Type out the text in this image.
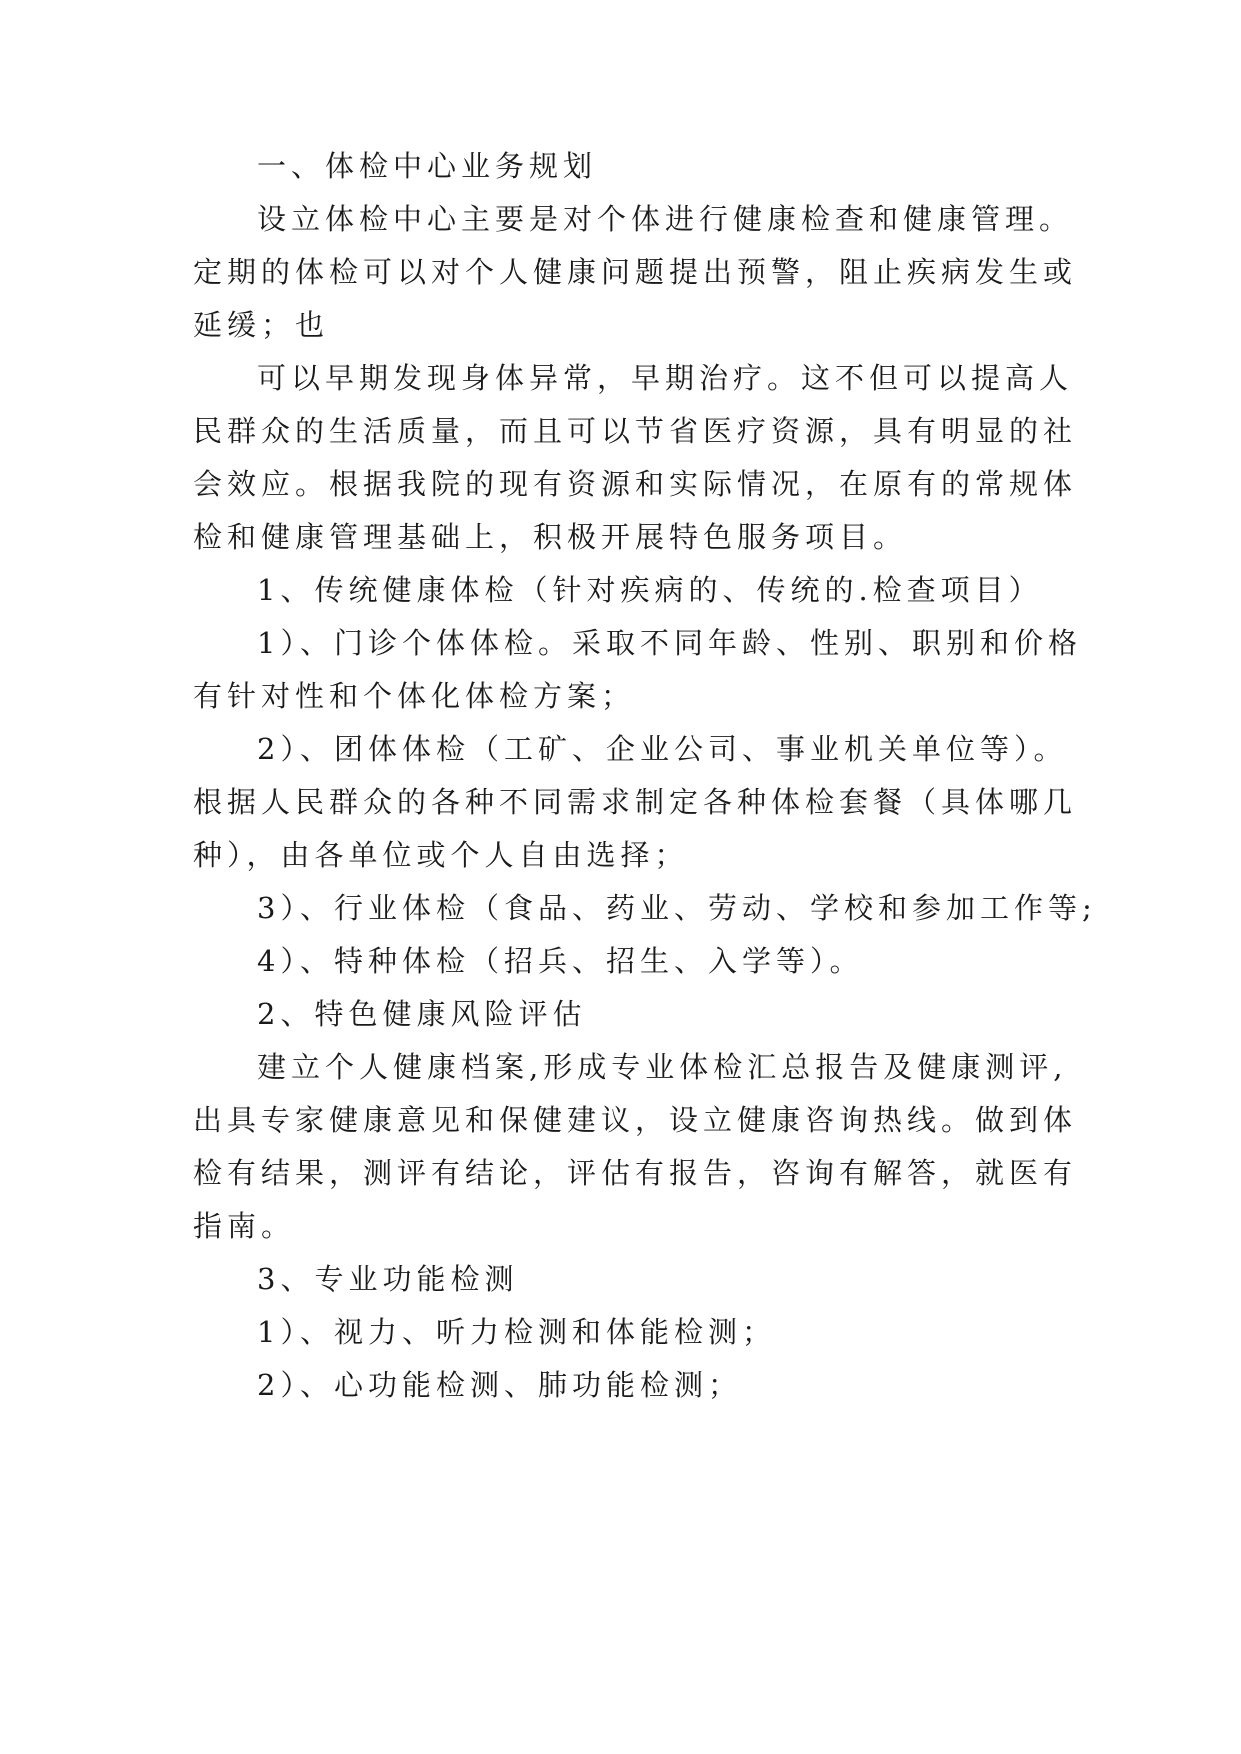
一、体检中心业务规划
设立体检中心主要是对个体进行健康检查和健康管理。
定期的体检可以对个人健康问题提出预警，阻止疾病发生或
延缓；也
可以早期发现身体异常，早期治疗。这不但可以提高人
民群众的生活质量，而且可以节省医疗资源，具有明显的社
会效应。根据我院的现有资源和实际情况，在原有的常规体
检和健康管理基础上，积极开展特色服务项目。
1、传统健康体检（针对疾病的、传统的.检查项目）
1）、门诊个体体检。采取不同年龄、性别、职别和价格
有针对性和个体化体检方案；
2）、团体体检（工矿、企业公司、事业机关单位等）。
根据人民群众的各种不同需求制定各种体检套餐（具体哪几
种），由各单位或个人自由选择；
3）、行业体检（食品、药业、劳动、学校和参加工作等;
4）、特种体检（招兵、招生、入学等）。
2、特色健康风险评估
建立个人健康档案,形成专业体检汇总报告及健康测评,
出具专家健康意见和保健建议，设立健康咨询热线。做到体
检有结果，测评有结论，评估有报告，咨询有解答，就医有
指南。
3、专业功能检测
1）、视力、听力检测和体能检测；
2）、心功能检测、肺功能检测；
